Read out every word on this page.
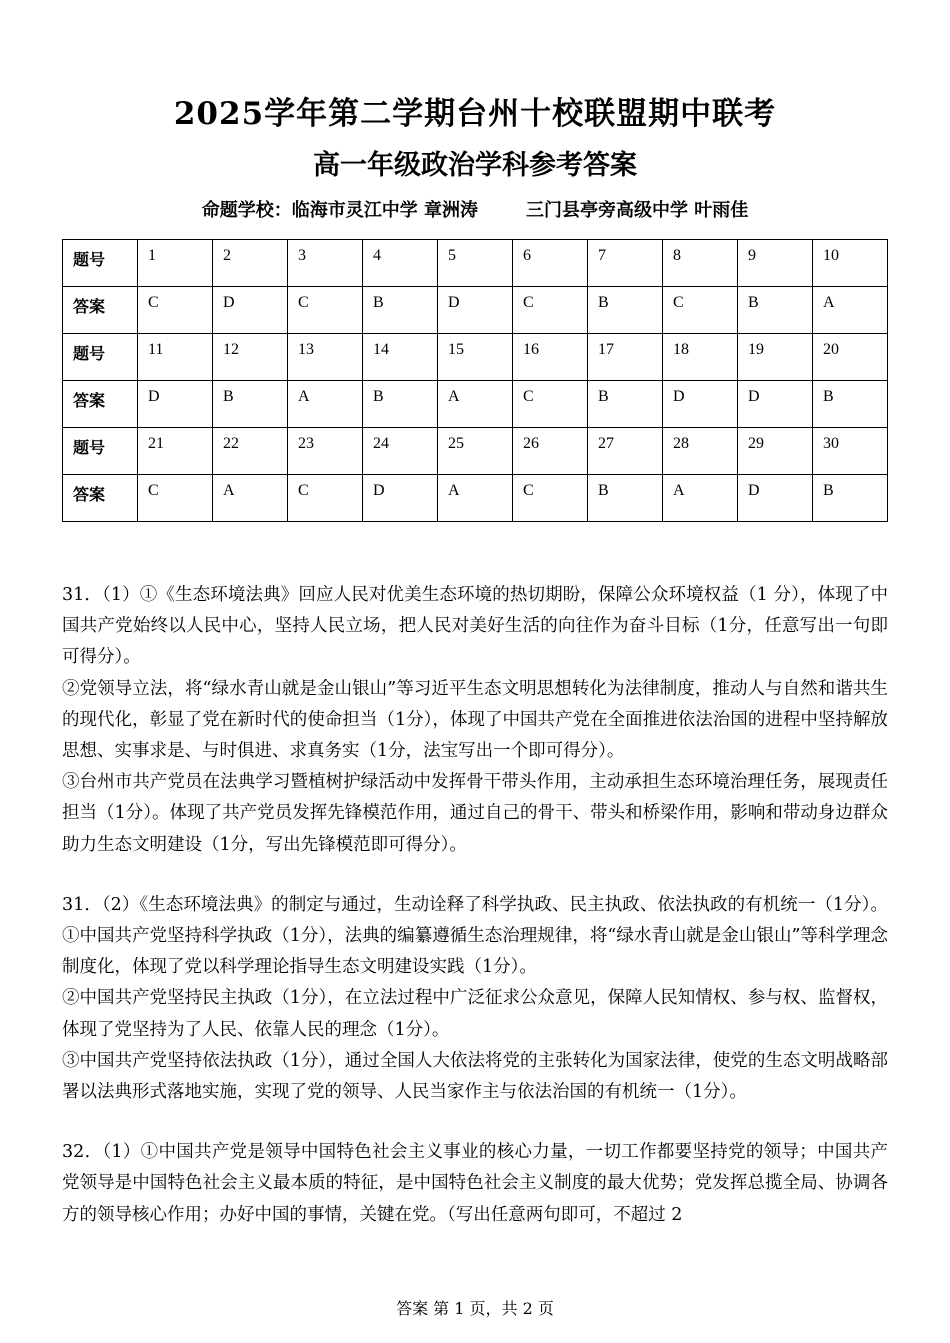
2025学年第二学期台州十校联盟期中联考
高一年级政治学科参考答案
命题学校：临海市灵江中学 章洲涛	三门县亭旁高级中学 叶雨佳
题号	1	2	3	4	5	6	7	8	9	10
答案	C	D	C	B	D	C	B	C	B	A
题号	11	12	13	14	15	16	17	18	19	20
答案	D	B	A	B	A	C	B	D	D	B
题号	21	22	23	24	25	26	27	28	29	30
答案	C	A	C	D	A	C	B	A	D	B

31．（1）①《生态环境法典》回应人民对优美生态环境的热切期盼，保障公众环境权益（1 分），体现了中国共产党始终以人民中心，坚持人民立场，把人民对美好生活的向往作为奋斗目标（1分，任意写出一句即可得分）。

②党领导立法，将“绿水青山就是金山银山”等习近平生态文明思想转化为法律制度，推动人与自然和谐共生的现代化，彰显了党在新时代的使命担当（1分），体现了中国共产党在全面推进依法治国的进程中坚持解放思想、实事求是、与时俱进、求真务实（1分，法宝写出一个即可得分）。

③台州市共产党员在法典学习暨植树护绿活动中发挥骨干带头作用，主动承担生态环境治理任务，展现责任担当（1分）。体现了共产党员发挥先锋模范作用，通过自己的骨干、带头和桥梁作用，影响和带动身边群众助力生态文明建设（1分，写出先锋模范即可得分）。

31．（2）《生态环境法典》的制定与通过，生动诠释了科学执政、民主执政、依法执政的有机统一（1分）。①中国共产党坚持科学执政（1分），法典的编纂遵循生态治理规律，将“绿水青山就是金山银山”等科学理念制度化，体现了党以科学理论指导生态文明建设实践（1分）。

②中国共产党坚持民主执政（1分），在立法过程中广泛征求公众意见，保障人民知情权、参与权、监督权，体现了党坚持为了人民、依靠人民的理念（1分）。

③中国共产党坚持依法执政（1分），通过全国人大依法将党的主张转化为国家法律，使党的生态文明战略部署以法典形式落地实施，实现了党的领导、人民当家作主与依法治国的有机统一（1分）。

32．（1）①中国共产党是领导中国特色社会主义事业的核心力量，一切工作都要坚持党的领导；中国共产党领导是中国特色社会主义最本质的特征，是中国特色社会主义制度的最大优势；党发挥总揽全局、协调各方的领导核心作用；办好中国的事情，关键在党。（写出任意两句即可，不超过 2

答案 第 1 页，共 2 页
